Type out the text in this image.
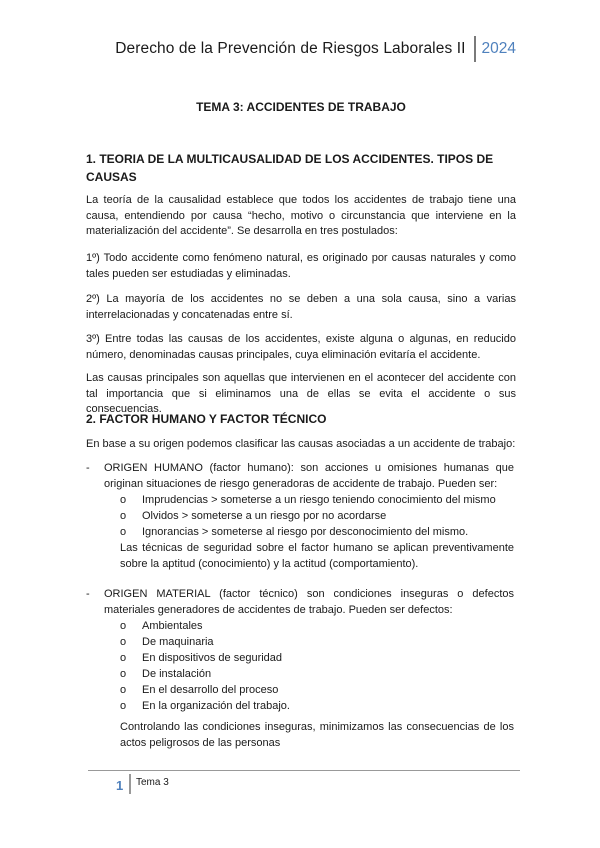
Derecho de la Prevención de Riesgos Laborales II	2024
TEMA 3: ACCIDENTES DE TRABAJO
1. TEORIA DE LA MULTICAUSALIDAD DE LOS ACCIDENTES. TIPOS DE CAUSAS
La teoría de la causalidad establece que todos los accidentes de trabajo tiene una causa, entendiendo por causa “hecho, motivo o circunstancia que interviene en la materialización del accidente”. Se desarrolla en tres postulados:
1º) Todo accidente como fenómeno natural, es originado por causas naturales y como tales pueden ser estudiadas y eliminadas.
2º) La mayoría de los accidentes no se deben a una sola causa, sino a varias interrelacionadas y concatenadas entre sí.
3º) Entre todas las causas de los accidentes, existe alguna o algunas, en reducido número, denominadas causas principales, cuya eliminación evitaría el accidente.
Las causas principales son aquellas que intervienen en el acontecer del accidente con tal importancia que si eliminamos una de ellas se evita el accidente o sus consecuencias.
2. FACTOR HUMANO Y FACTOR TÉCNICO
En base a su origen podemos clasificar las causas asociadas a un accidente de trabajo:
- ORIGEN HUMANO (factor humano): son acciones u omisiones humanas que originan situaciones de riesgo generadoras de accidente de trabajo. Pueden ser:
o Imprudencias > someterse a un riesgo teniendo conocimiento del mismo
o Olvidos > someterse a un riesgo por no acordarse
o Ignorancias > someterse al riesgo por desconocimiento del mismo.
Las técnicas de seguridad sobre el factor humano se aplican preventivamente sobre la aptitud (conocimiento) y la actitud (comportamiento).
- ORIGEN MATERIAL (factor técnico) son condiciones inseguras o defectos materiales generadores de accidentes de trabajo. Pueden ser defectos:
o Ambientales
o De maquinaria
o En dispositivos de seguridad
o De instalación
o En el desarrollo del proceso
o En la organización del trabajo.
Controlando las condiciones inseguras, minimizamos las consecuencias de los actos peligrosos de las personas
1 Tema 3
